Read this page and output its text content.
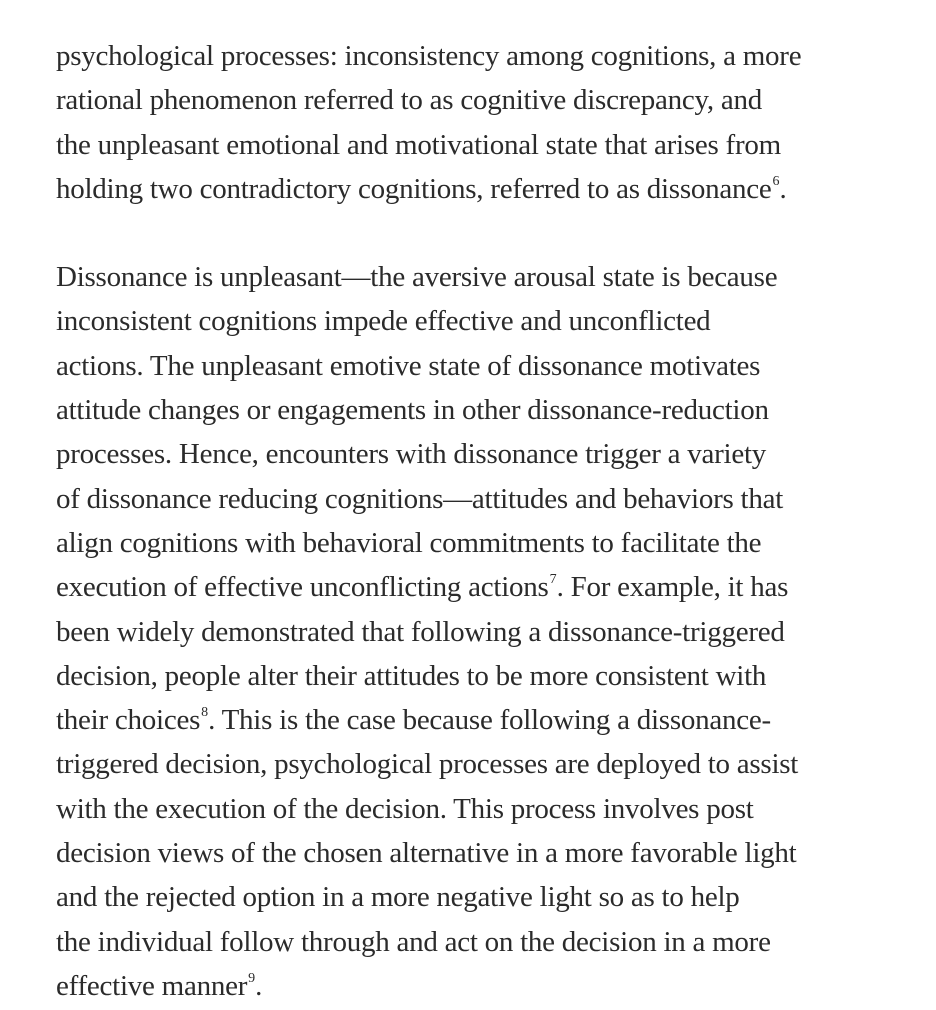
psychological processes: inconsistency among cognitions, a more
rational phenomenon referred to as cognitive discrepancy, and
the unpleasant emotional and motivational state that arises from
holding two contradictory cognitions, referred to as dissonance$^6$.
Dissonance is unpleasant—the aversive arousal state is because
inconsistent cognitions impede effective and unconflicted
actions. The unpleasant emotive state of dissonance motivates
attitude changes or engagements in other dissonance-reduction
processes. Hence, encounters with dissonance trigger a variety
of dissonance reducing cognitions—attitudes and behaviors that
align cognitions with behavioral commitments to facilitate the
execution of effective unconflicting actions$^7$. For example, it has
been widely demonstrated that following a dissonance-triggered
decision, people alter their attitudes to be more consistent with
their choices$^8$. This is the case because following a dissonance-
triggered decision, psychological processes are deployed to assist
with the execution of the decision. This process involves post
decision views of the chosen alternative in a more favorable light
and the rejected option in a more negative light so as to help
the individual follow through and act on the decision in a more
effective manner$^9$.
